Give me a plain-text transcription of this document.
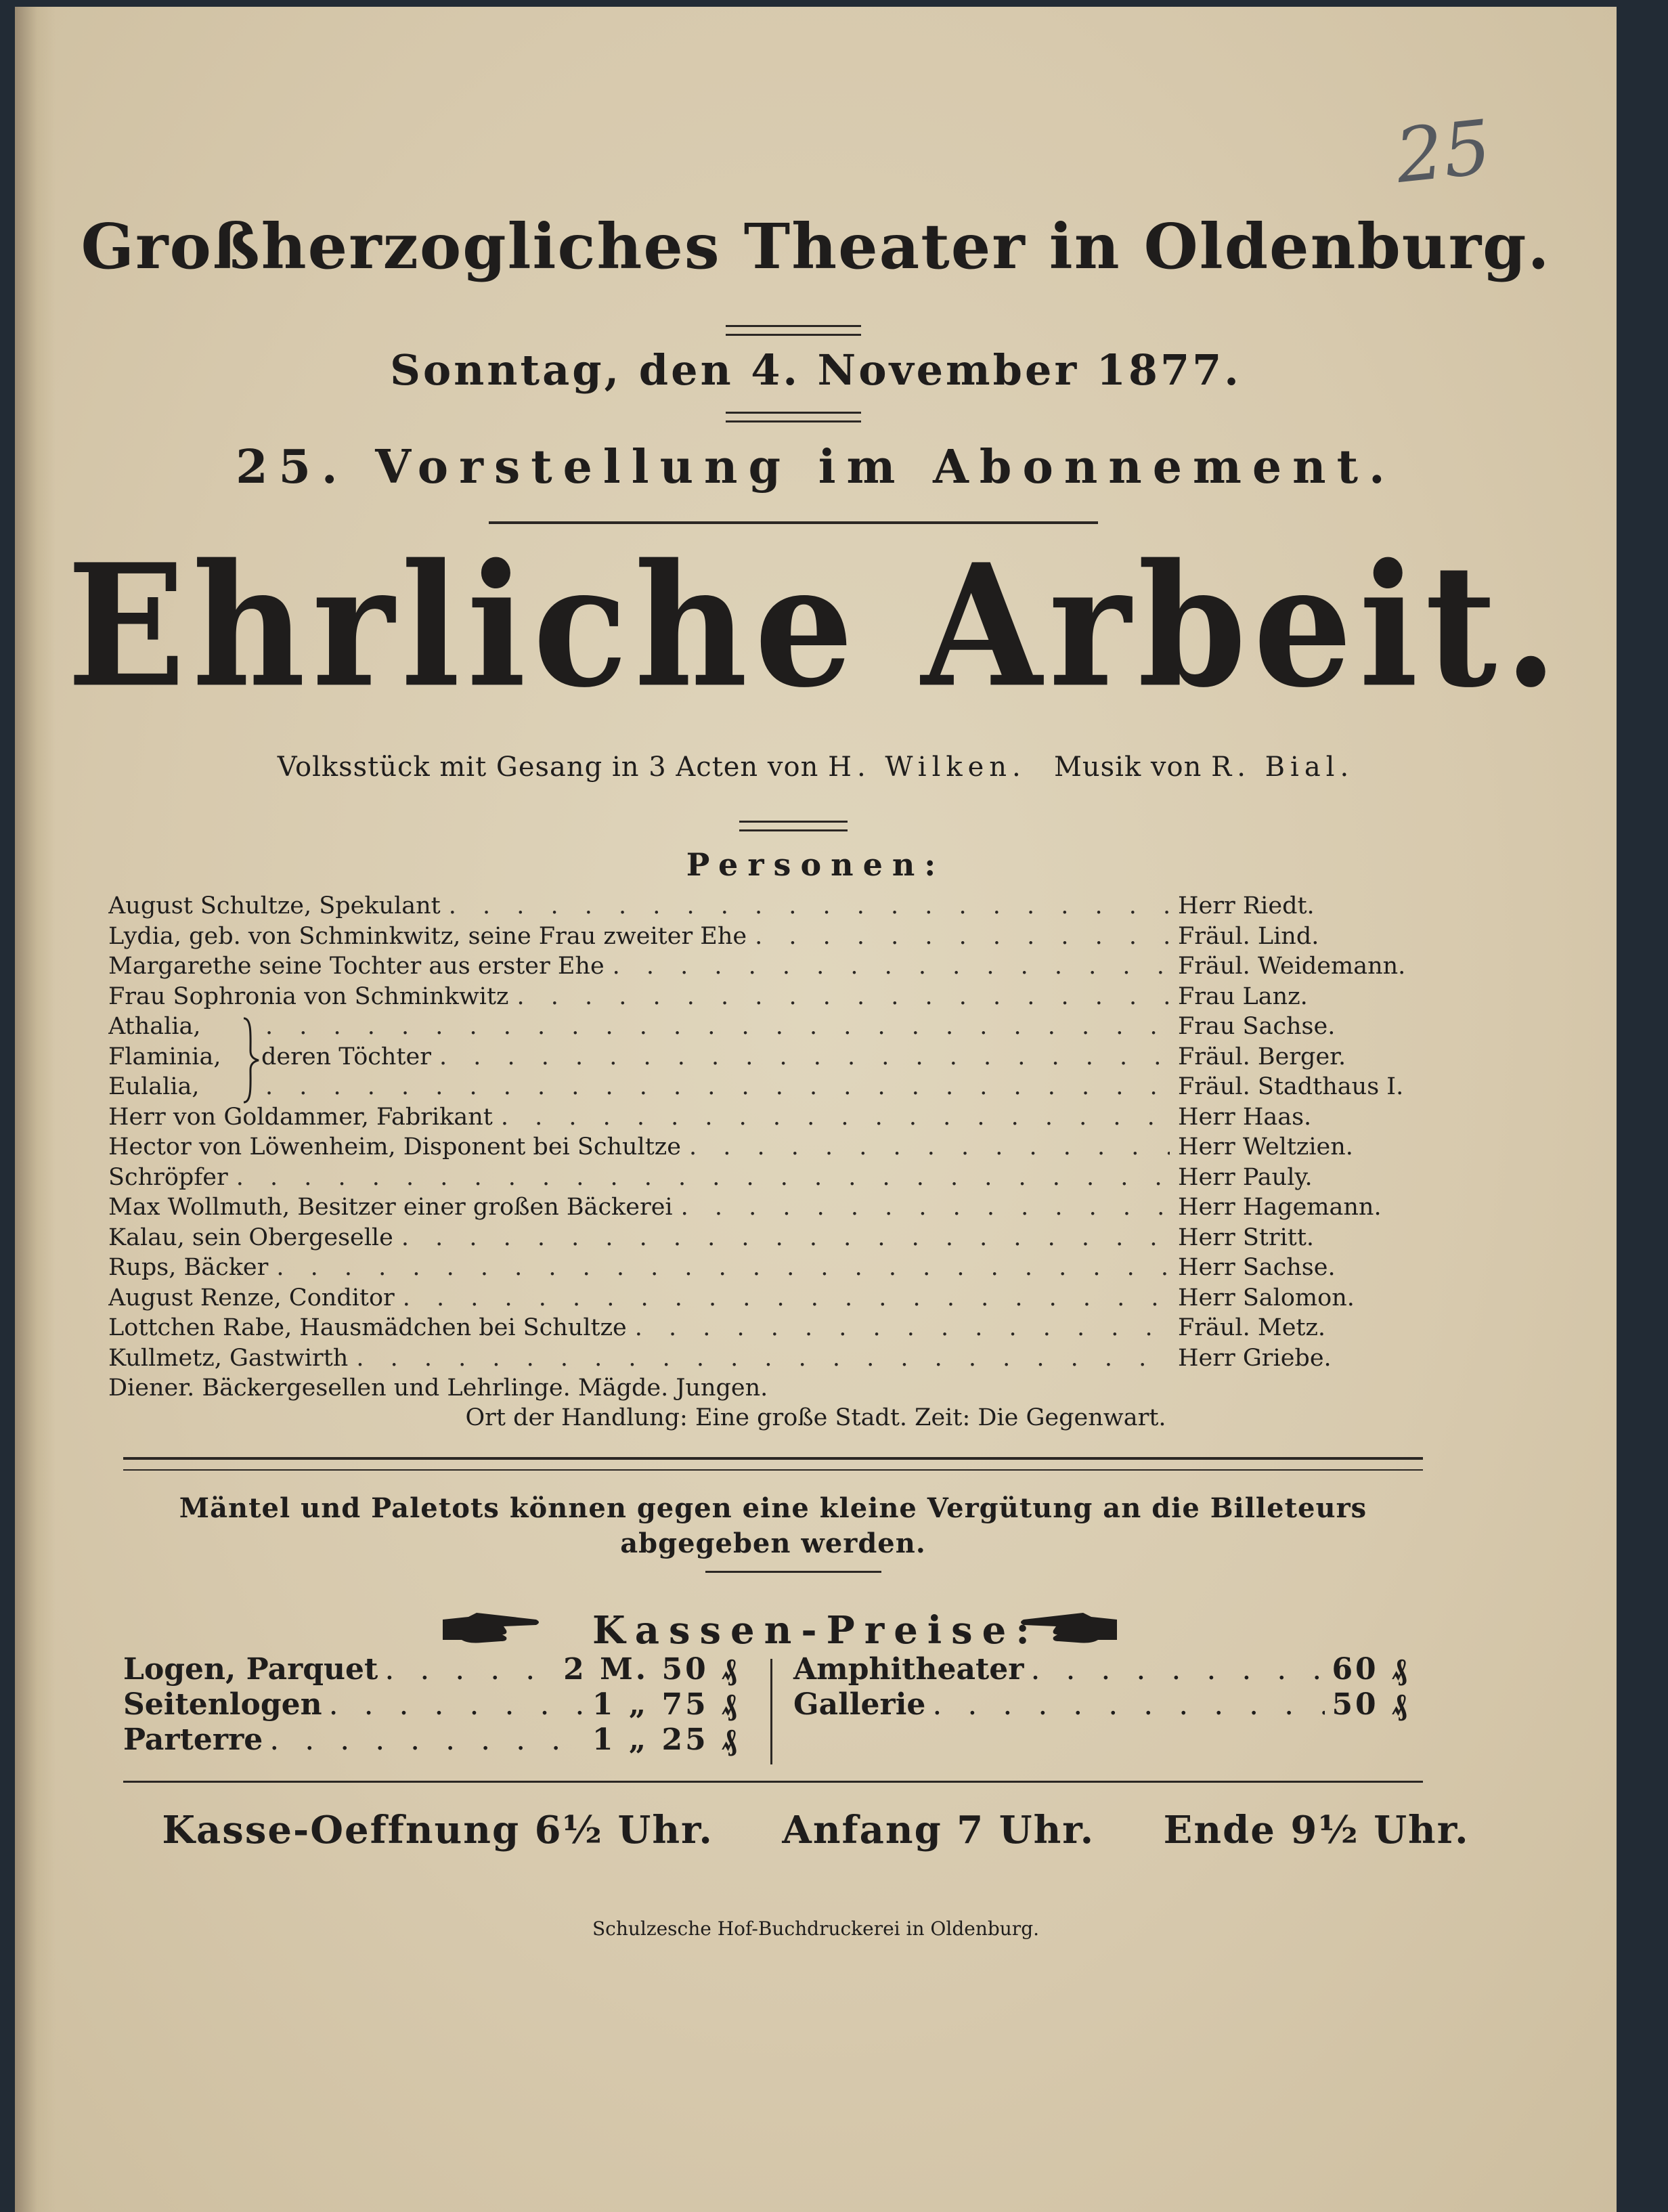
25
Großherzogliches Theater in Oldenburg.
Sonntag, den 4. November 1877.
25. Vorstellung im Abonnement.
Ehrliche Arbeit.
Volksstück mit Gesang in 3 Acten von H. Wilken. Musik von R. Bial.
Personen:
August Schultze, Spekulant . . .	Herr Riedt.
Lydia, geb. von Schminkwitz, seine Frau zweiter Ehe . . .	Fräul. Lind.
Margarethe seine Tochter aus erster Ehe . . .	Fräul. Weidemann.
Frau Sophronia von Schminkwitz . . .	Frau Lanz.
Athalia, . . .	Frau Sachse.
Flaminia,	deren Töchter . . .	Fräul. Berger.
Eulalia, . . .	Fräul. Stadthaus I.
Herr von Goldammer, Fabrikant . . .	Herr Haas.
Hector von Löwenheim, Disponent bei Schultze . . .	Herr Weltzien.
Schröpfer . . .	Herr Pauly.
Max Wollmuth, Besitzer einer großen Bäckerei . . .	Herr Hagemann.
Kalau, sein Obergeselle . . .	Herr Stritt.
Rups, Bäcker . . .	Herr Sachse.
August Renze, Conditor . . .	Herr Salomon.
Lottchen Rabe, Hausmädchen bei Schultze . . .	Fräul. Metz.
Kullmetz, Gastwirth . . .	Herr Griebe.
Diener. Bäckergesellen und Lehrlinge. Mägde. Jungen.
Ort der Handlung: Eine große Stadt. Zeit: Die Gegenwart.
Mäntel und Paletots können gegen eine kleine Vergütung an die Billeteurs abgegeben werden.
Kassen-Preise:
Logen, Parquet . . .	2 M. 50 ₰
Seitenlogen . . .	1 „ 75 ₰
Parterre . . .	1 „ 25 ₰
Amphitheater . . .	60 ₰
Gallerie . . .	50 ₰
Kasse-Oeffnung 6½ Uhr. Anfang 7 Uhr. Ende 9½ Uhr.
Schulzesche Hof-Buchdruckerei in Oldenburg.
